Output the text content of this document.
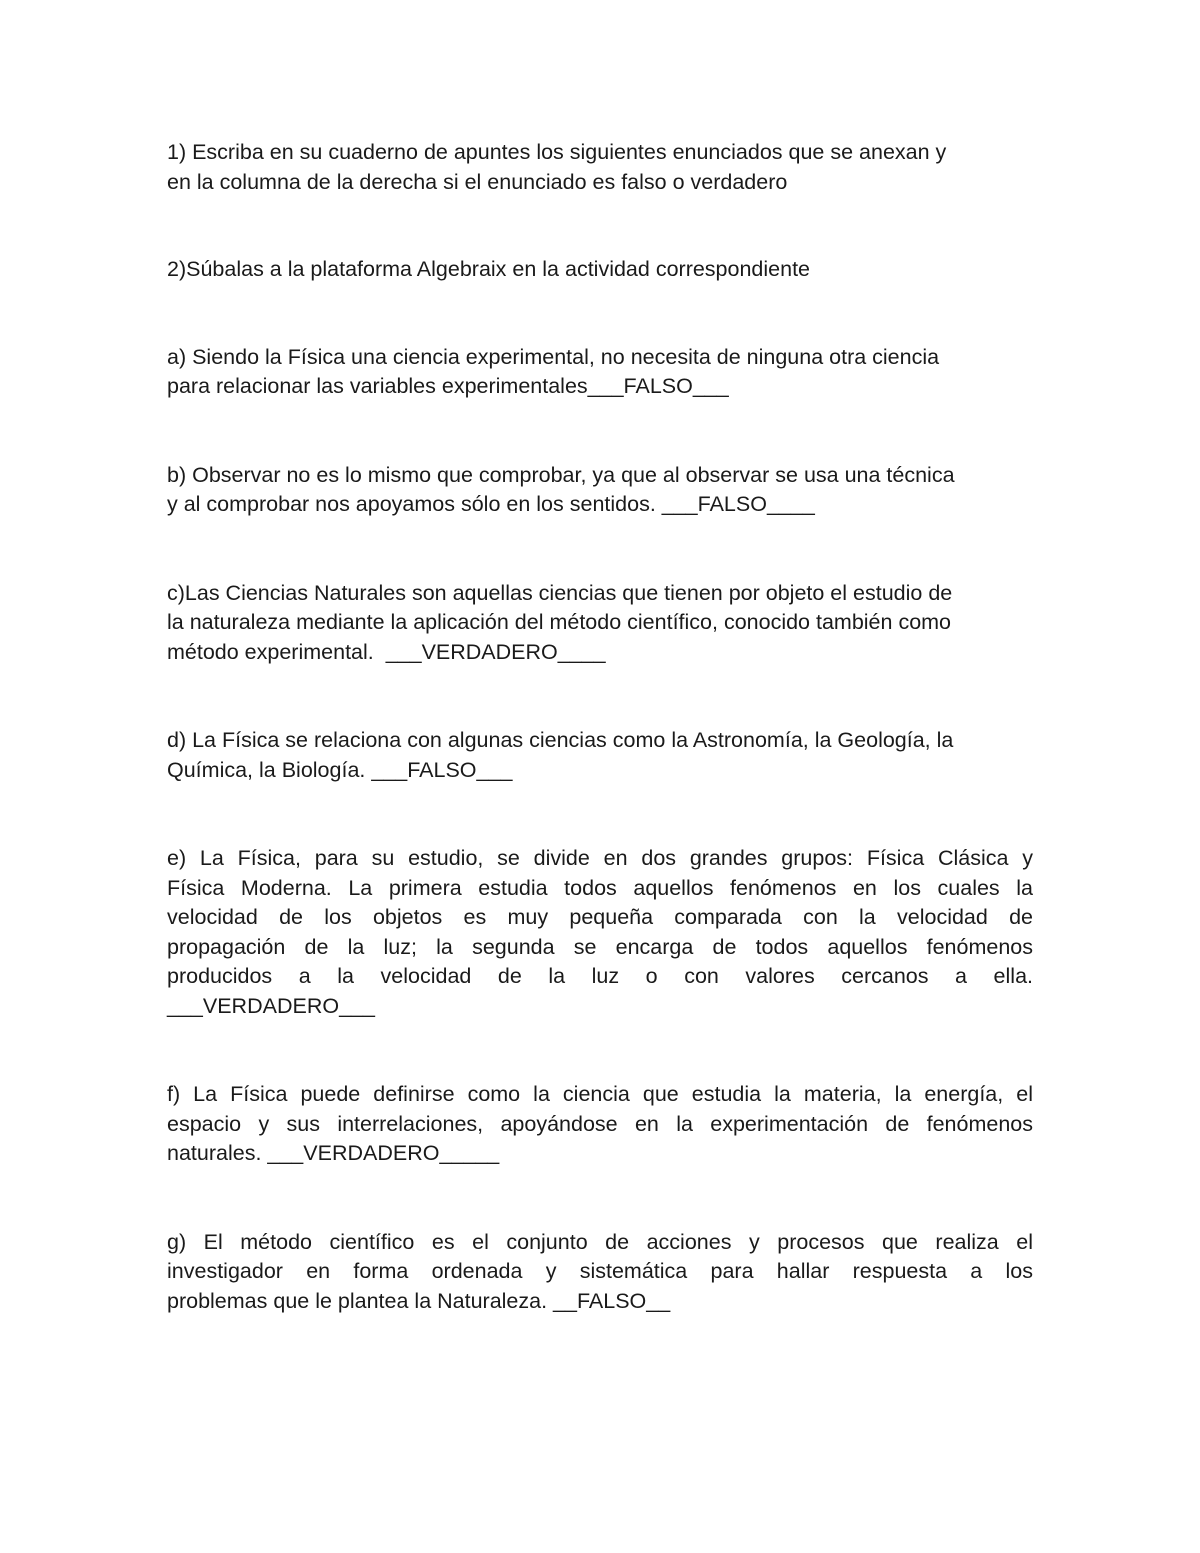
1) Escriba en su cuaderno de apuntes los siguientes enunciados que se anexan y
en la columna de la derecha si el enunciado es falso o verdadero

2)Súbalas a la plataforma Algebraix en la actividad correspondiente

a) Siendo la Física una ciencia experimental, no necesita de ninguna otra ciencia
para relacionar las variables experimentales___FALSO___

b) Observar no es lo mismo que comprobar, ya que al observar se usa una técnica
y al comprobar nos apoyamos sólo en los sentidos. ___FALSO____

c)Las Ciencias Naturales son aquellas ciencias que tienen por objeto el estudio de
la naturaleza mediante la aplicación del método científico, conocido también como
método experimental.  ___VERDADERO____

d) La Física se relaciona con algunas ciencias como la Astronomía, la Geología, la
Química, la Biología. ___FALSO___

e) La Física, para su estudio, se divide en dos grandes grupos: Física Clásica y
Física Moderna. La primera estudia todos aquellos fenómenos en los cuales la
velocidad de los objetos es muy pequeña comparada con la velocidad de
propagación de la luz; la segunda se encarga de todos aquellos fenómenos
producidos a la velocidad de la luz o con valores cercanos a ella.
___VERDADERO___

f) La Física puede definirse como la ciencia que estudia la materia, la energía, el
espacio y sus interrelaciones, apoyándose en la experimentación de fenómenos
naturales. ___VERDADERO_____

g) El método científico es el conjunto de acciones y procesos que realiza el
investigador en forma ordenada y sistemática para hallar respuesta a los
problemas que le plantea la Naturaleza. __FALSO__
